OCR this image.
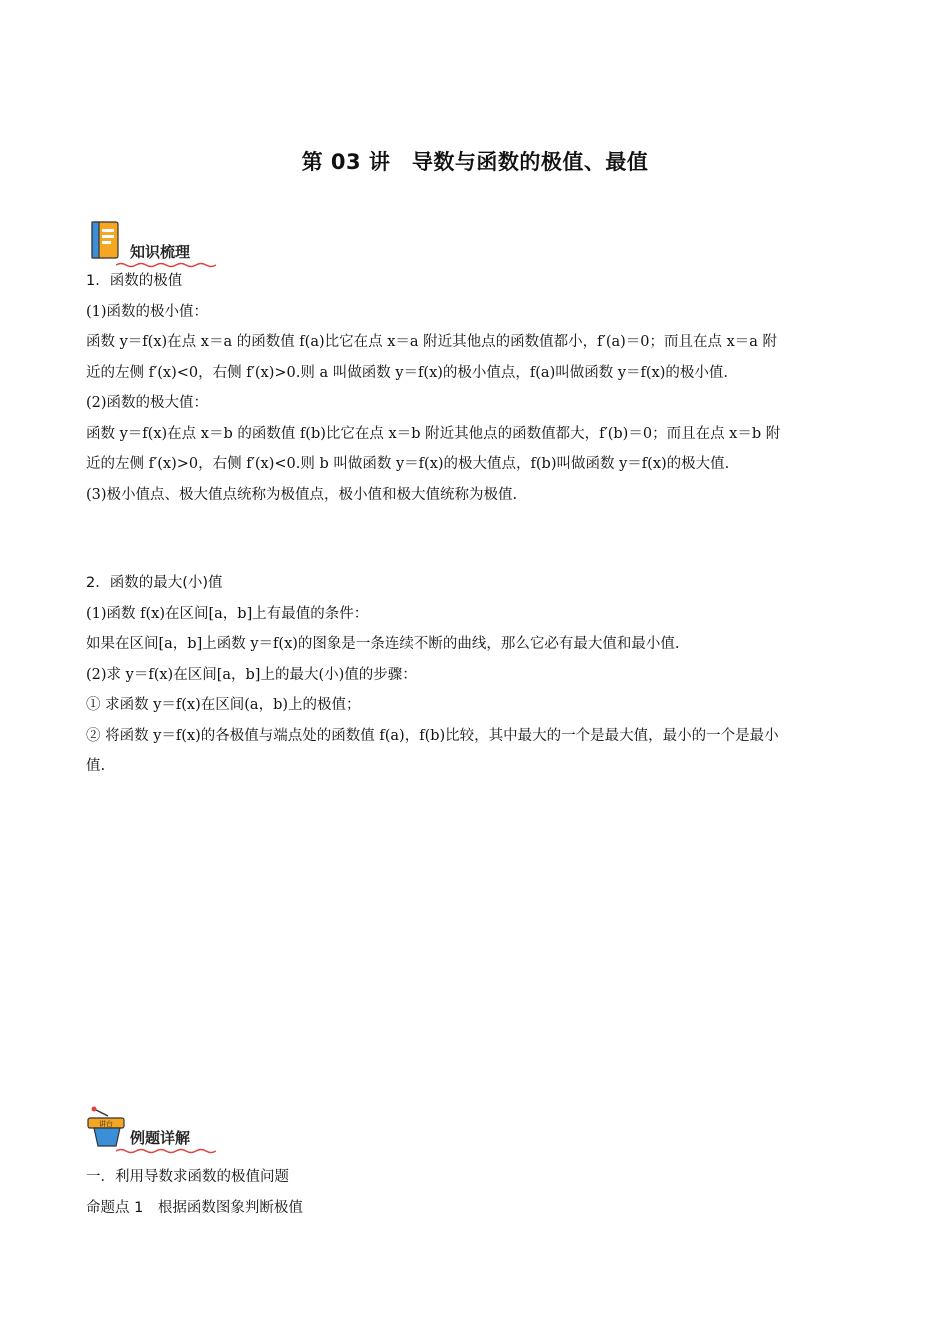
第 03 讲　导数与函数的极值、最值
知识梳理

1．函数的极值

(1)函数的极小值：

函数 y＝f(x)在点 x＝a 的函数值 f(a)比它在点 x＝a 附近其他点的函数值都小，f′(a)＝0；而且在点 x＝a 附

近的左侧 f′(x)<0，右侧 f′(x)>0.则 a 叫做函数 y＝f(x)的极小值点，f(a)叫做函数 y＝f(x)的极小值.

(2)函数的极大值：

函数 y＝f(x)在点 x＝b 的函数值 f(b)比它在点 x＝b 附近其他点的函数值都大，f′(b)＝0；而且在点 x＝b 附

近的左侧 f′(x)>0，右侧 f′(x)<0.则 b 叫做函数 y＝f(x)的极大值点，f(b)叫做函数 y＝f(x)的极大值.

(3)极小值点、极大值点统称为极值点，极小值和极大值统称为极值.

2．函数的最大(小)值

(1)函数 f(x)在区间[a，b]上有最值的条件：

如果在区间[a，b]上函数 y＝f(x)的图象是一条连续不断的曲线，那么它必有最大值和最小值.

(2)求 y＝f(x)在区间[a，b]上的最大(小)值的步骤：

① 求函数 y＝f(x)在区间(a，b)上的极值；

② 将函数 y＝f(x)的各极值与端点处的函数值 f(a)，f(b)比较，其中最大的一个是最大值，最小的一个是最小

值.

讲台
例题详解

一．利用导数求函数的极值问题

命题点 1　根据函数图象判断极值
